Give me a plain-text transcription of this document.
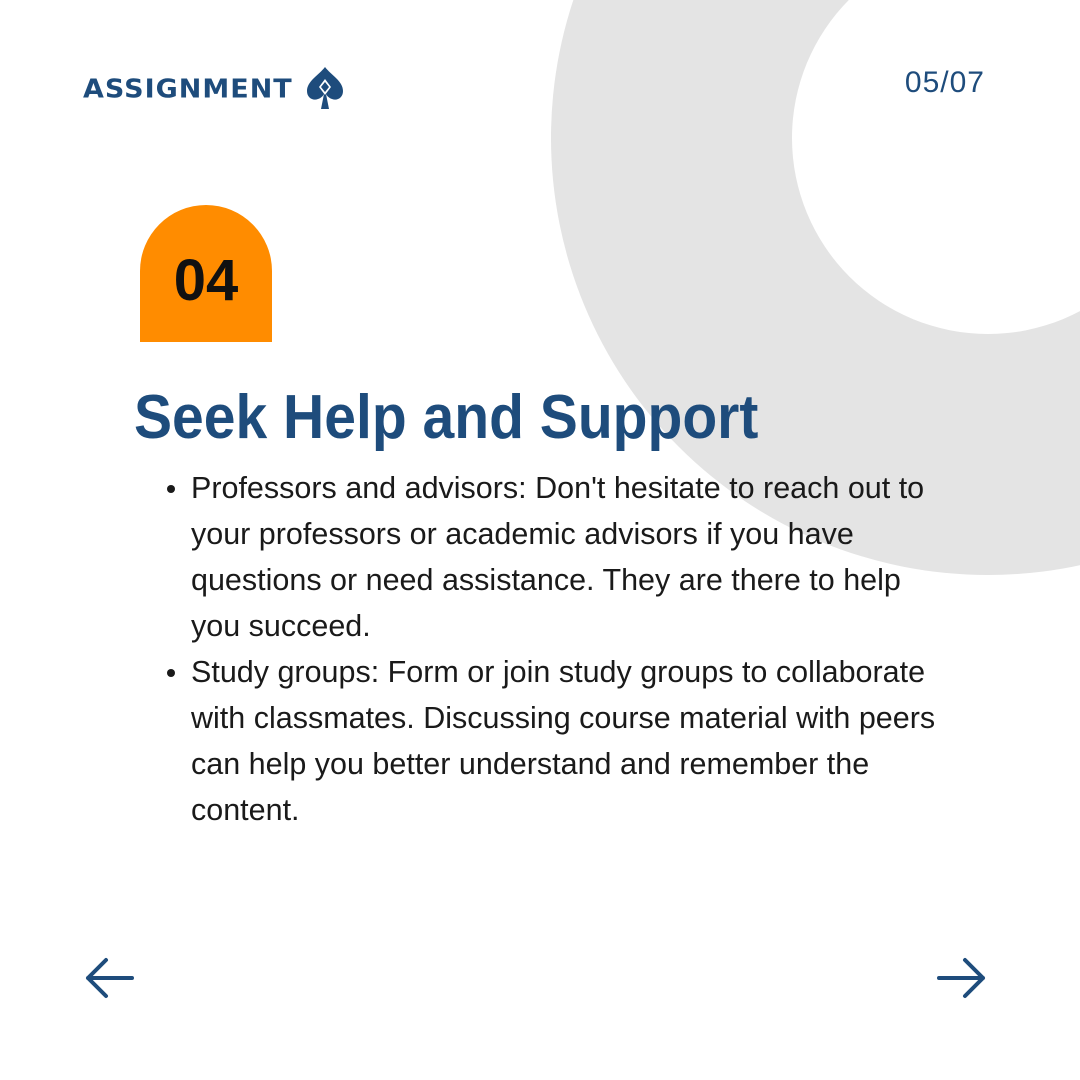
ASSIGNMENT	05/07
04
Seek Help and Support
Professors and advisors: Don't hesitate to reach out to your professors or academic advisors if you have questions or need assistance. They are there to help you succeed.
Study groups: Form or join study groups to collaborate with classmates. Discussing course material with peers can help you better understand and remember the content.
